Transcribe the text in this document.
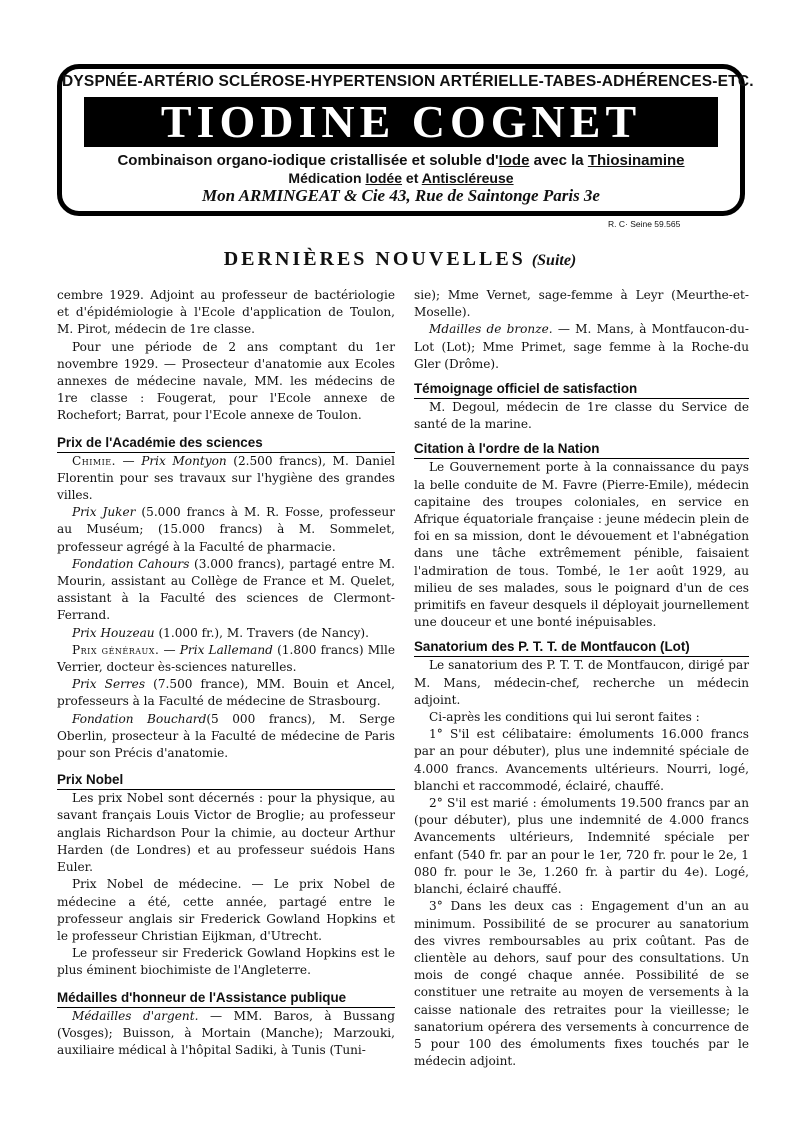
DYSPNÉE-ARTÉRIO SCLÉROSE-HYPERTENSION ARTÉRIELLE-TABES-ADHÉRENCES-ETC.
TIODINE COGNET
Combinaison organo-iodique cristallisée et soluble d'Iode avec la Thiosinamine
Médication Iodée et Antiscléreuse
Mon ARMINGEAT & Cie 43, Rue de Saintonge Paris 3e
R. C· Seine 59.565
DERNIÈRES NOUVELLES (Suite)

cembre 1929. Adjoint au professeur de bactériologie et d'épidémiologie à l'Ecole d'application de Toulon, M. Pirot, médecin de 1re classe.

Pour une période de 2 ans comptant du 1er novembre 1929. — Prosecteur d'anatomie aux Ecoles annexes de médecine navale, MM. les médecins de 1re classe : Fougerat, pour l'Ecole annexe de Rochefort; Barrat, pour l'Ecole annexe de Toulon.

Prix de l'Académie des sciences

Chimie. — Prix Montyon (2.500 francs), M. Daniel Florentin pour ses travaux sur l'hygiène des grandes villes.

Prix Juker (5.000 francs à M. R. Fosse, professeur au Muséum; (15.000 francs) à M. Sommelet, professeur agrégé à la Faculté de pharmacie.

Fondation Cahours (3.000 francs), partagé entre M. Mourin, assistant au Collège de France et M. Quelet, assistant à la Faculté des sciences de Clermont-Ferrand.

Prix Houzeau (1.000 fr.), M. Travers (de Nancy).

Prix généraux. — Prix Lallemand (1.800 francs) Mlle Verrier, docteur ès-sciences naturelles.

Prix Serres (7.500 france), MM. Bouin et Ancel, professeurs à la Faculté de médecine de Strasbourg.

Fondation Bouchard(5 000 francs), M. Serge Oberlin, prosecteur à la Faculté de médecine de Paris pour son Précis d'anatomie.

Prix Nobel

Les prix Nobel sont décernés : pour la physique, au savant français Louis Victor de Broglie; au professeur anglais Richardson Pour la chimie, au docteur Arthur Harden (de Londres) et au professeur suédois Hans Euler.

Prix Nobel de médecine. — Le prix Nobel de médecine a été, cette année, partagé entre le professeur anglais sir Frederick Gowland Hopkins et le professeur Christian Eijkman, d'Utrecht.

Le professeur sir Frederick Gowland Hopkins est le plus éminent biochimiste de l'Angleterre.

Médailles d'honneur de l'Assistance publique

Médailles d'argent. — MM. Baros, à Bussang (Vosges); Buisson, à Mortain (Manche); Marzouki, auxiliaire médical à l'hôpital Sadiki, à Tunis (Tuni-

sie); Mme Vernet, sage-femme à Leyr (Meurthe-et-Moselle).

Mdailles de bronze. — M. Mans, à Montfaucon-du-Lot (Lot); Mme Primet, sage femme à la Roche-du Gler (Drôme).

Témoignage officiel de satisfaction

M. Degoul, médecin de 1re classe du Service de santé de la marine.

Citation à l'ordre de la Nation

Le Gouvernement porte à la connaissance du pays la belle conduite de M. Favre (Pierre-Emile), médecin capitaine des troupes coloniales, en service en Afrique équatoriale française : jeune médecin plein de foi en sa mission, dont le dévouement et l'abnégation dans une tâche extrêmement pénible, faisaient l'admiration de tous. Tombé, le 1er août 1929, au milieu de ses malades, sous le poignard d'un de ces primitifs en faveur desquels il déployait journellement une douceur et une bonté inépuisables.

Sanatorium des P. T. T. de Montfaucon (Lot)

Le sanatorium des P. T. T. de Montfaucon, dirigé par M. Mans, médecin-chef, recherche un médecin adjoint.

Ci-après les conditions qui lui seront faites :

1° S'il est célibataire: émoluments 16.000 francs par an pour débuter), plus une indemnité spéciale de 4.000 francs. Avancements ultérieurs. Nourri, logé, blanchi et raccommodé, éclairé, chauffé.

2° S'il est marié : émoluments 19.500 francs par an (pour débuter), plus une indemnité de 4.000 francs Avancements ultérieurs, Indemnité spéciale per enfant (540 fr. par an pour le 1er, 720 fr. pour le 2e, 1 080 fr. pour le 3e, 1.260 fr. à partir du 4e). Logé, blanchi, éclairé chauffé.

3° Dans les deux cas : Engagement d'un an au minimum. Possibilité de se procurer au sanatorium des vivres remboursables au prix coûtant. Pas de clientèle au dehors, sauf pour des consultations. Un mois de congé chaque année. Possibilité de se constituer une retraite au moyen de versements à la caisse nationale des retraites pour la vieillesse; le sanatorium opérera des versements à concurrence de 5 pour 100 des émoluments fixes touchés par le médecin adjoint.
